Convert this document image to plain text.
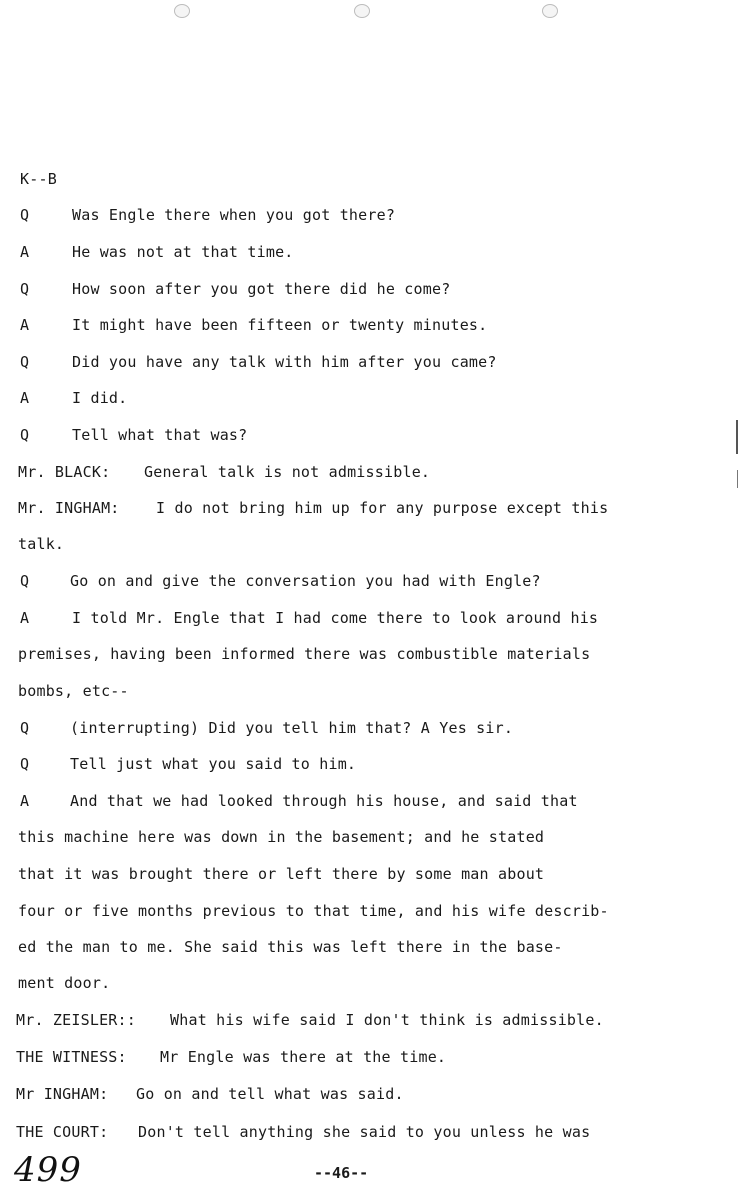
K--B
Q	Was Engle there when you got there?
A	He was not at that time.
Q	How soon after you got there did he come?
A	It might have been fifteen or twenty minutes.
Q	Did you have any talk with him after you came?
A	I did.
Q	Tell what that was?
Mr. BLACK: General talk is not admissible.
Mr. INGHAM: I do not bring him up for any purpose except this
talk.
Q	Go on and give the conversation you had with Engle?
A	I told Mr. Engle that I had come there to look around his
premises, having been informed there was combustible materials
bombs, etc--
Q	(interrupting) Did you tell him that? A Yes sir.
Q	Tell just what you said to him.
A	And that we had looked through his house, and said that
this machine here was down in the basement; and he stated
that it was brought there or left there by some man about
four or five months previous to that time, and his wife describ-
ed the man to me. She said this was left there in the base-
ment door.
Mr. ZEISLER:: What his wife said I don't think is admissible.
THE WITNESS: Mr Engle was there at the time.
Mr INGHAM: Go on and tell what was said.
THE COURT: Don't tell anything she said to you unless he was
499	--46--
